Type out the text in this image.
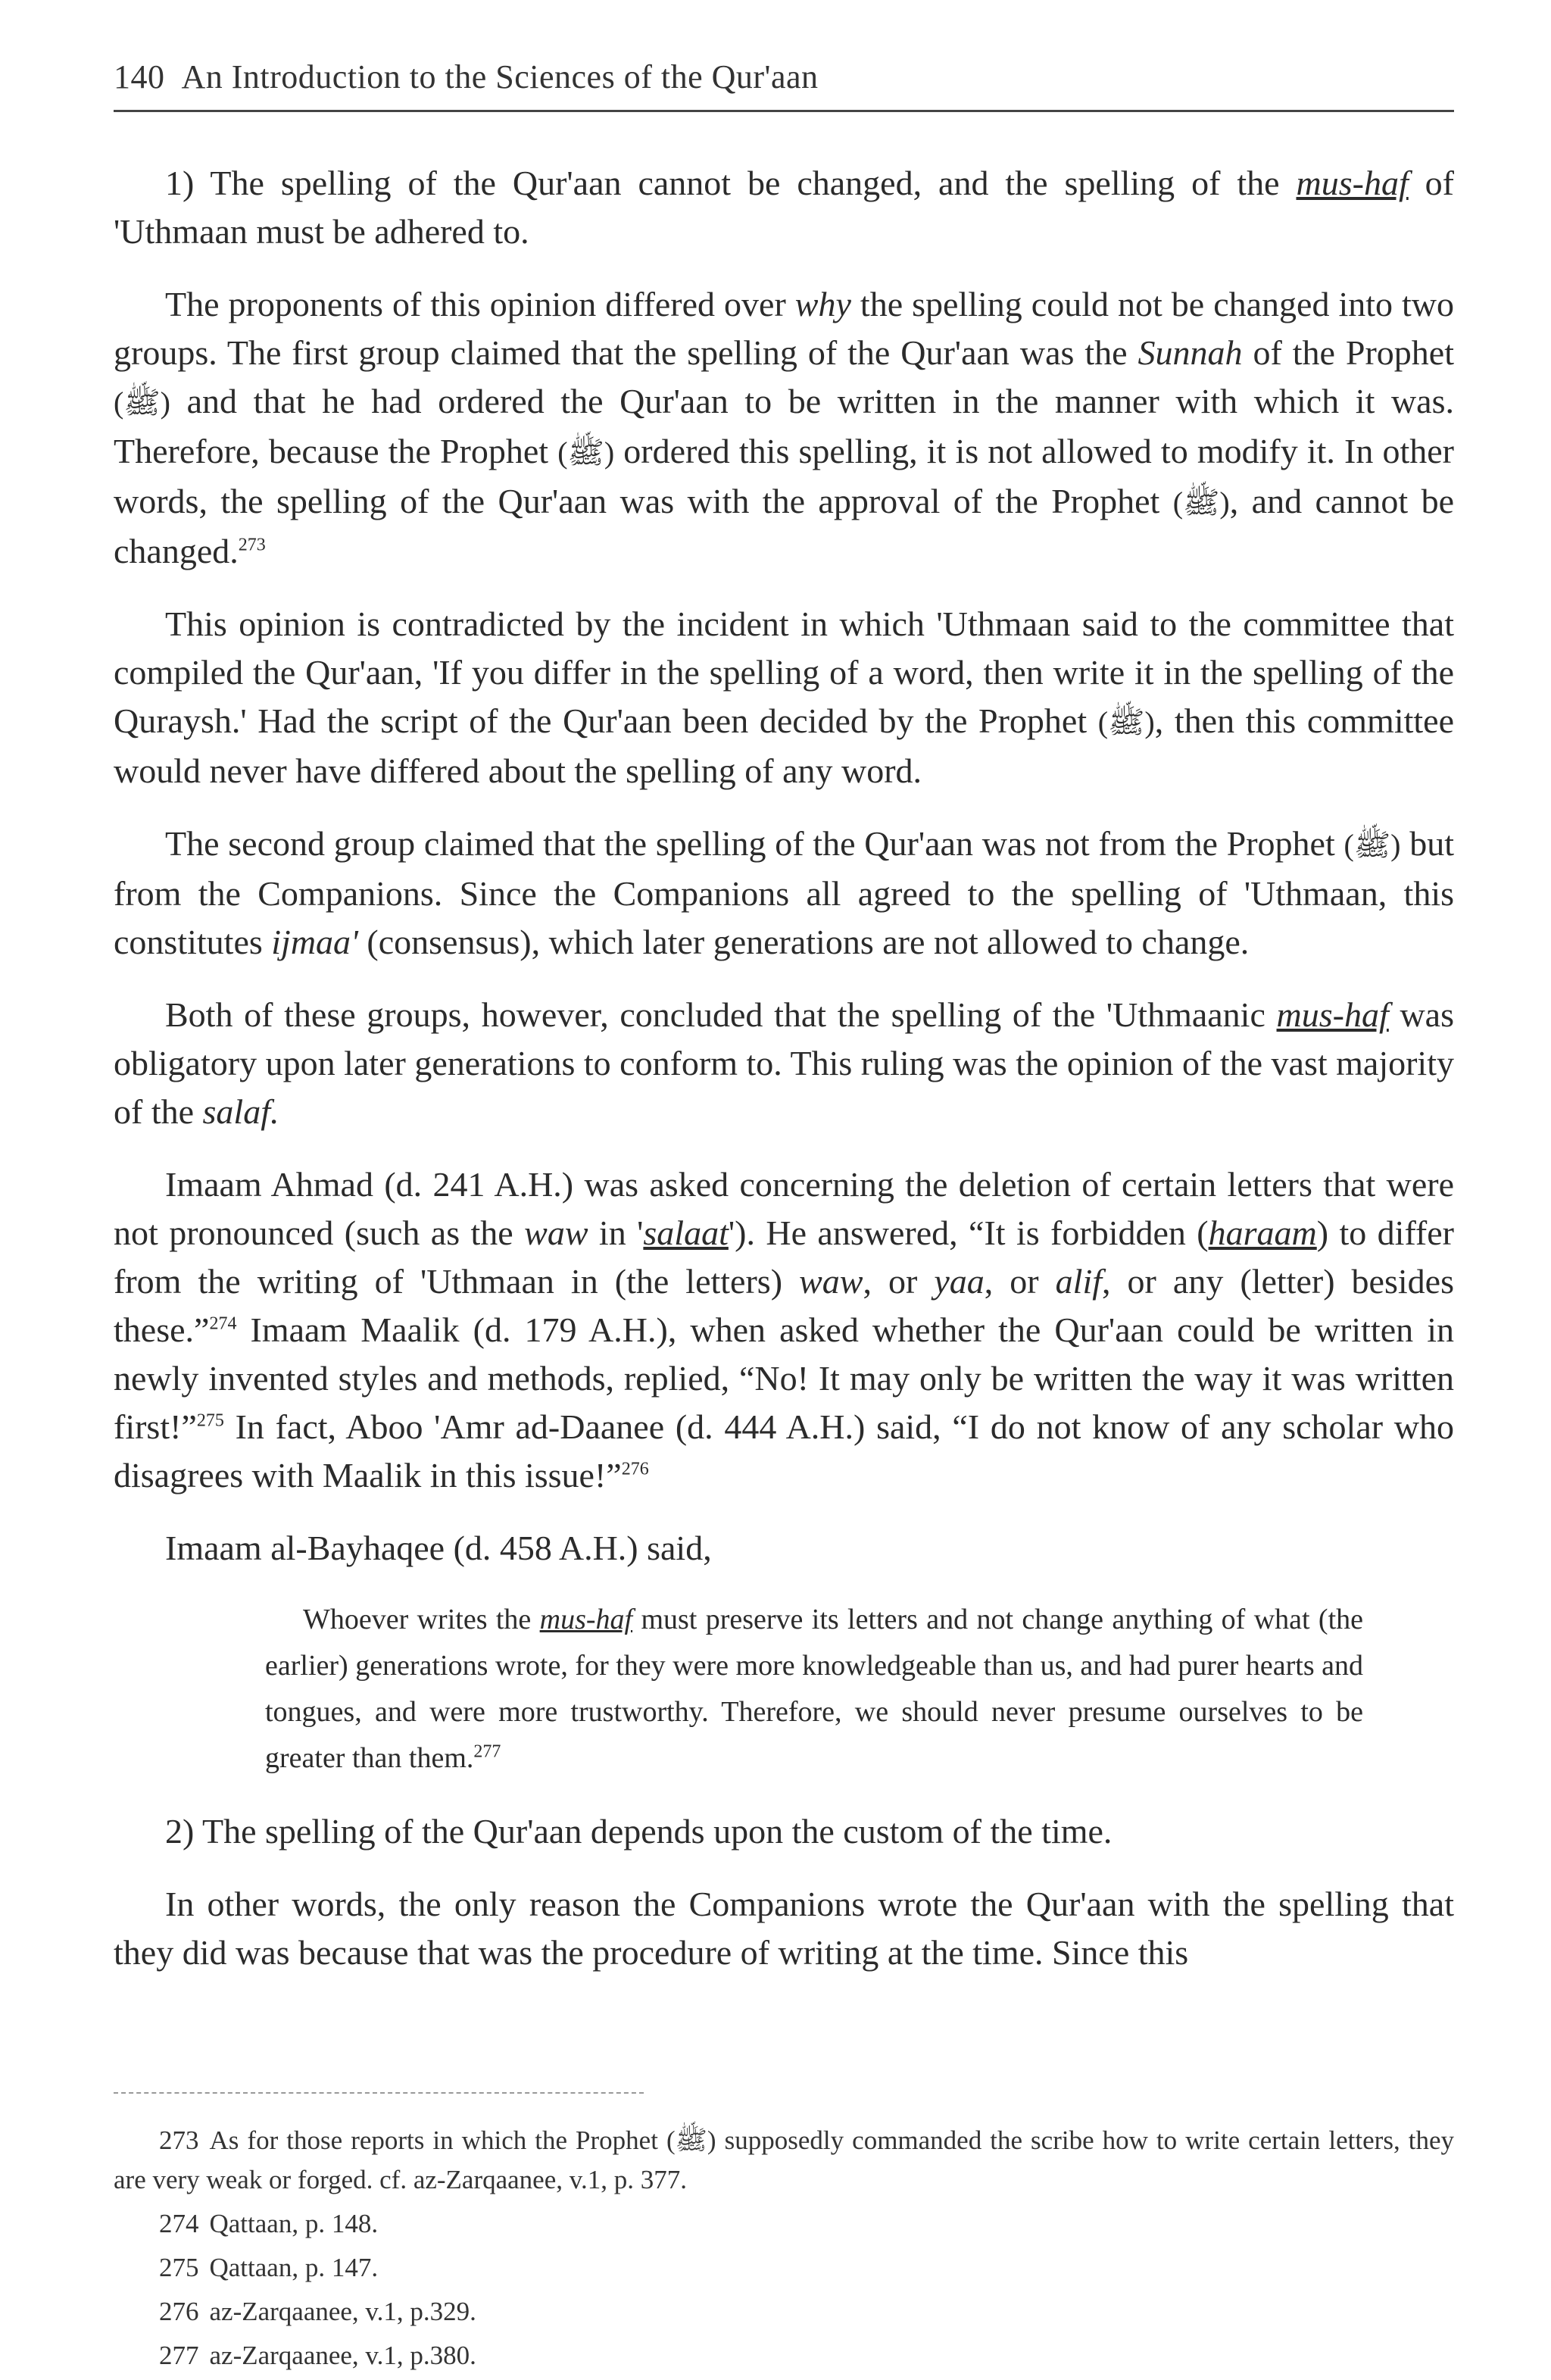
140 An Introduction to the Sciences of the Qur'aan

1) The spelling of the Qur'aan cannot be changed, and the spelling of the mus-haf of 'Uthmaan must be adhered to.

The proponents of this opinion differed over why the spelling could not be changed into two groups. The first group claimed that the spelling of the Qur'aan was the Sunnah of the Prophet (ﷺ) and that he had ordered the Qur'aan to be written in the manner with which it was. Therefore, because the Prophet (ﷺ) ordered this spelling, it is not allowed to modify it. In other words, the spelling of the Qur'aan was with the approval of the Prophet (ﷺ), and cannot be changed.$^{273}$

This opinion is contradicted by the incident in which 'Uthmaan said to the committee that compiled the Qur'aan, 'If you differ in the spelling of a word, then write it in the spelling of the Quraysh.' Had the script of the Qur'aan been decided by the Prophet (ﷺ), then this committee would never have differed about the spelling of any word.

The second group claimed that the spelling of the Qur'aan was not from the Prophet (ﷺ) but from the Companions. Since the Companions all agreed to the spelling of 'Uthmaan, this constitutes ijmaa' (consensus), which later generations are not allowed to change.

Both of these groups, however, concluded that the spelling of the 'Uthmaanic mus-haf was obligatory upon later generations to conform to. This ruling was the opinion of the vast majority of the salaf.

Imaam Ahmad (d. 241 A.H.) was asked concerning the deletion of certain letters that were not pronounced (such as the waw in 'salaat'). He answered, “It is forbidden (haraam) to differ from the writing of 'Uthmaan in (the letters) waw, or yaa, or alif, or any (letter) besides these.”$^{274}$ Imaam Maalik (d. 179 A.H.), when asked whether the Qur'aan could be written in newly invented styles and methods, replied, “No! It may only be written the way it was written first!”$^{275}$ In fact, Aboo 'Amr ad-Daanee (d. 444 A.H.) said, “I do not know of any scholar who disagrees with Maalik in this issue!”$^{276}$

Imaam al-Bayhaqee (d. 458 A.H.) said,

Whoever writes the mus-haf must preserve its letters and not change anything of what (the earlier) generations wrote, for they were more knowledgeable than us, and had purer hearts and tongues, and were more trustworthy. Therefore, we should never presume ourselves to be greater than them.$^{277}$

2) The spelling of the Qur'aan depends upon the custom of the time.

In other words, the only reason the Companions wrote the Qur'aan with the spelling that they did was because that was the procedure of writing at the time. Since this

273 As for those reports in which the Prophet (ﷺ) supposedly commanded the scribe how to write certain letters, they are very weak or forged. cf. az-Zarqaanee, v.1, p. 377.
274 Qattaan, p. 148.
275 Qattaan, p. 147.
276 az-Zarqaanee, v.1, p.329.
277 az-Zarqaanee, v.1, p.380.
